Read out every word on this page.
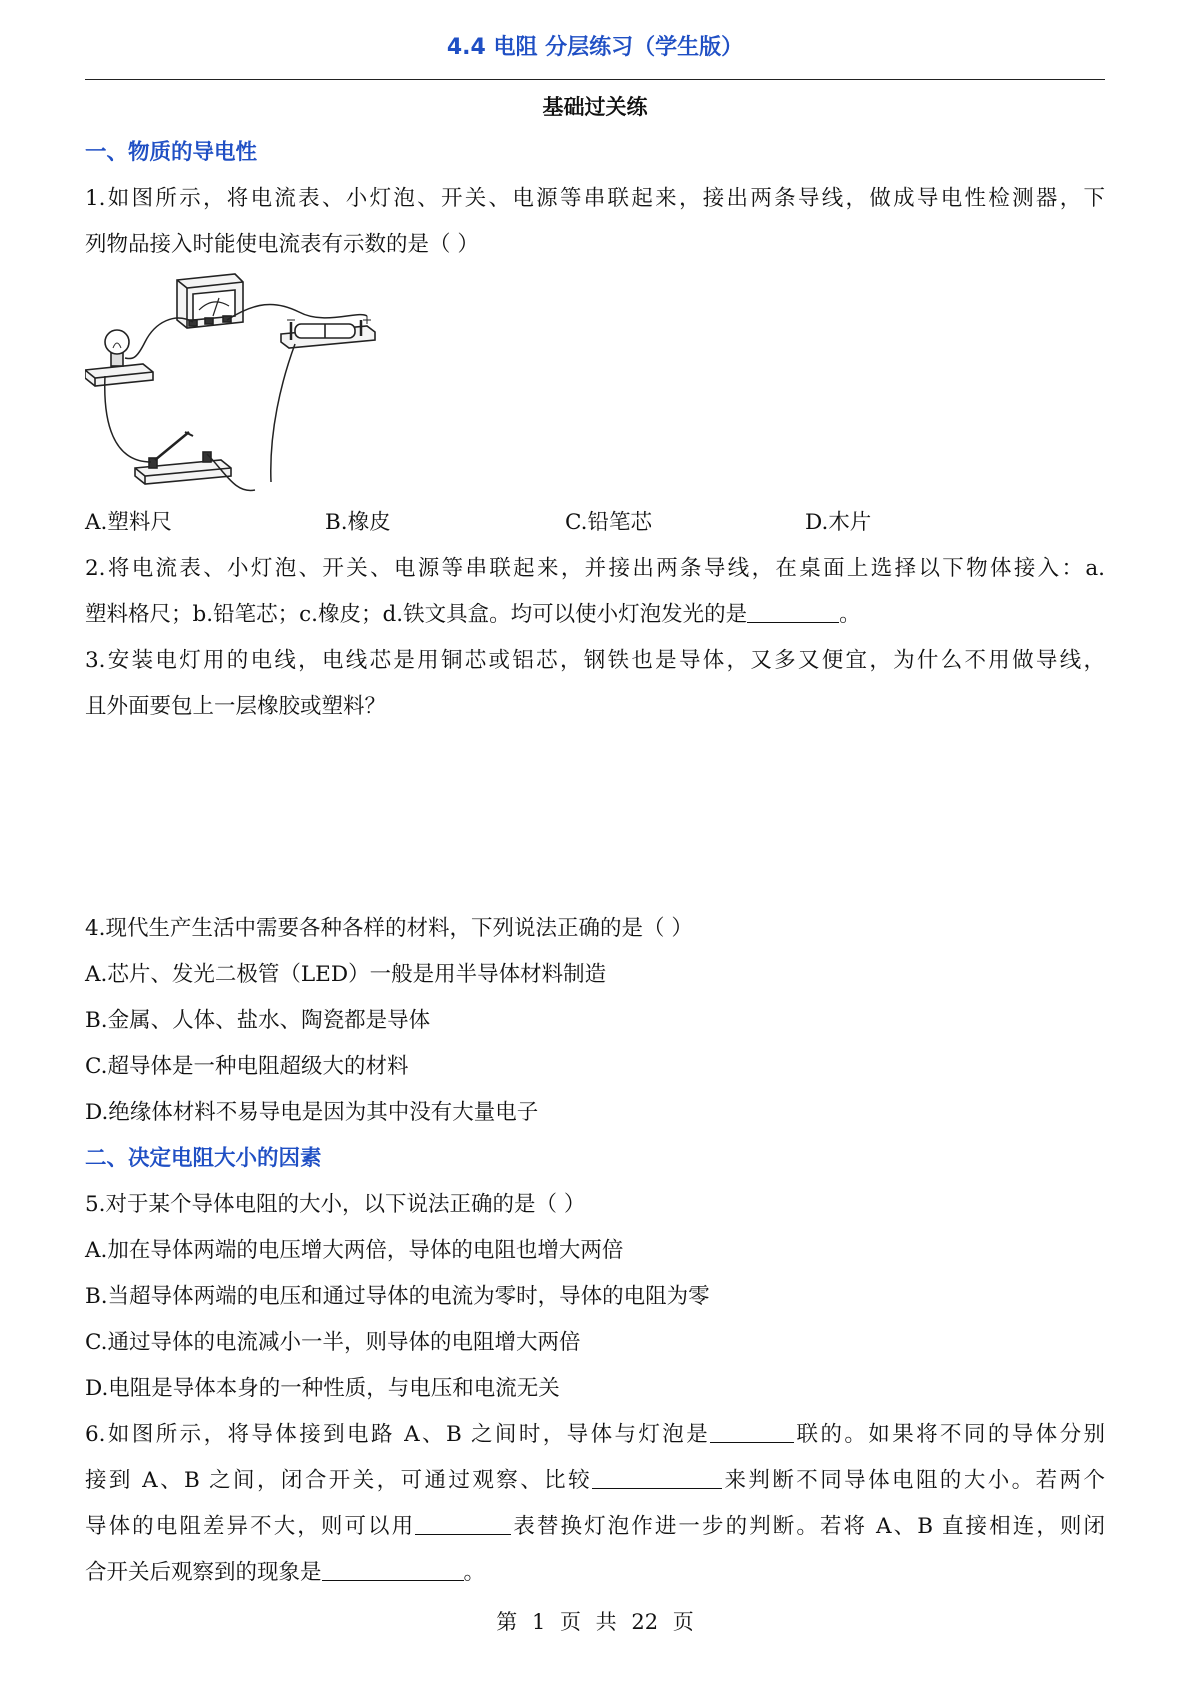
4.4 电阻 分层练习（学生版）
基础过关练
一、物质的导电性
1.如图所示，将电流表、小灯泡、开关、电源等串联起来，接出两条导线，做成导电性检测器，下
列物品接入时能使电流表有示数的是（ ）
A.塑料尺	B.橡皮	C.铅笔芯	D.木片
2.将电流表、小灯泡、开关、电源等串联起来，并接出两条导线，在桌面上选择以下物体接入：a.
塑料格尺；b.铅笔芯；c.橡皮；d.铁文具盒。均可以使小灯泡发光的是	。
3.安装电灯用的电线，电线芯是用铜芯或铝芯，钢铁也是导体，又多又便宜，为什么不用做导线，
且外面要包上一层橡胶或塑料？
4.现代生产生活中需要各种各样的材料，下列说法正确的是（ ）
A.芯片、发光二极管（LED）一般是用半导体材料制造
B.金属、人体、盐水、陶瓷都是导体
C.超导体是一种电阻超级大的材料
D.绝缘体材料不易导电是因为其中没有大量电子
二、决定电阻大小的因素
5.对于某个导体电阻的大小，以下说法正确的是（ ）
A.加在导体两端的电压增大两倍，导体的电阻也增大两倍
B.当超导体两端的电压和通过导体的电流为零时，导体的电阻为零
C.通过导体的电流减小一半，则导体的电阻增大两倍
D.电阻是导体本身的一种性质，与电压和电流无关
6.如图所示，将导体接到电路 A、B 之间时，导体与灯泡是	联的。如果将不同的导体分别
接到 A、B 之间，闭合开关，可通过观察、比较	来判断不同导体电阻的大小。若两个
导体的电阻差异不大，则可以用	表替换灯泡作进一步的判断。若将 A、B 直接相连，则闭
合开关后观察到的现象是	。
第 1 页 共 22 页
